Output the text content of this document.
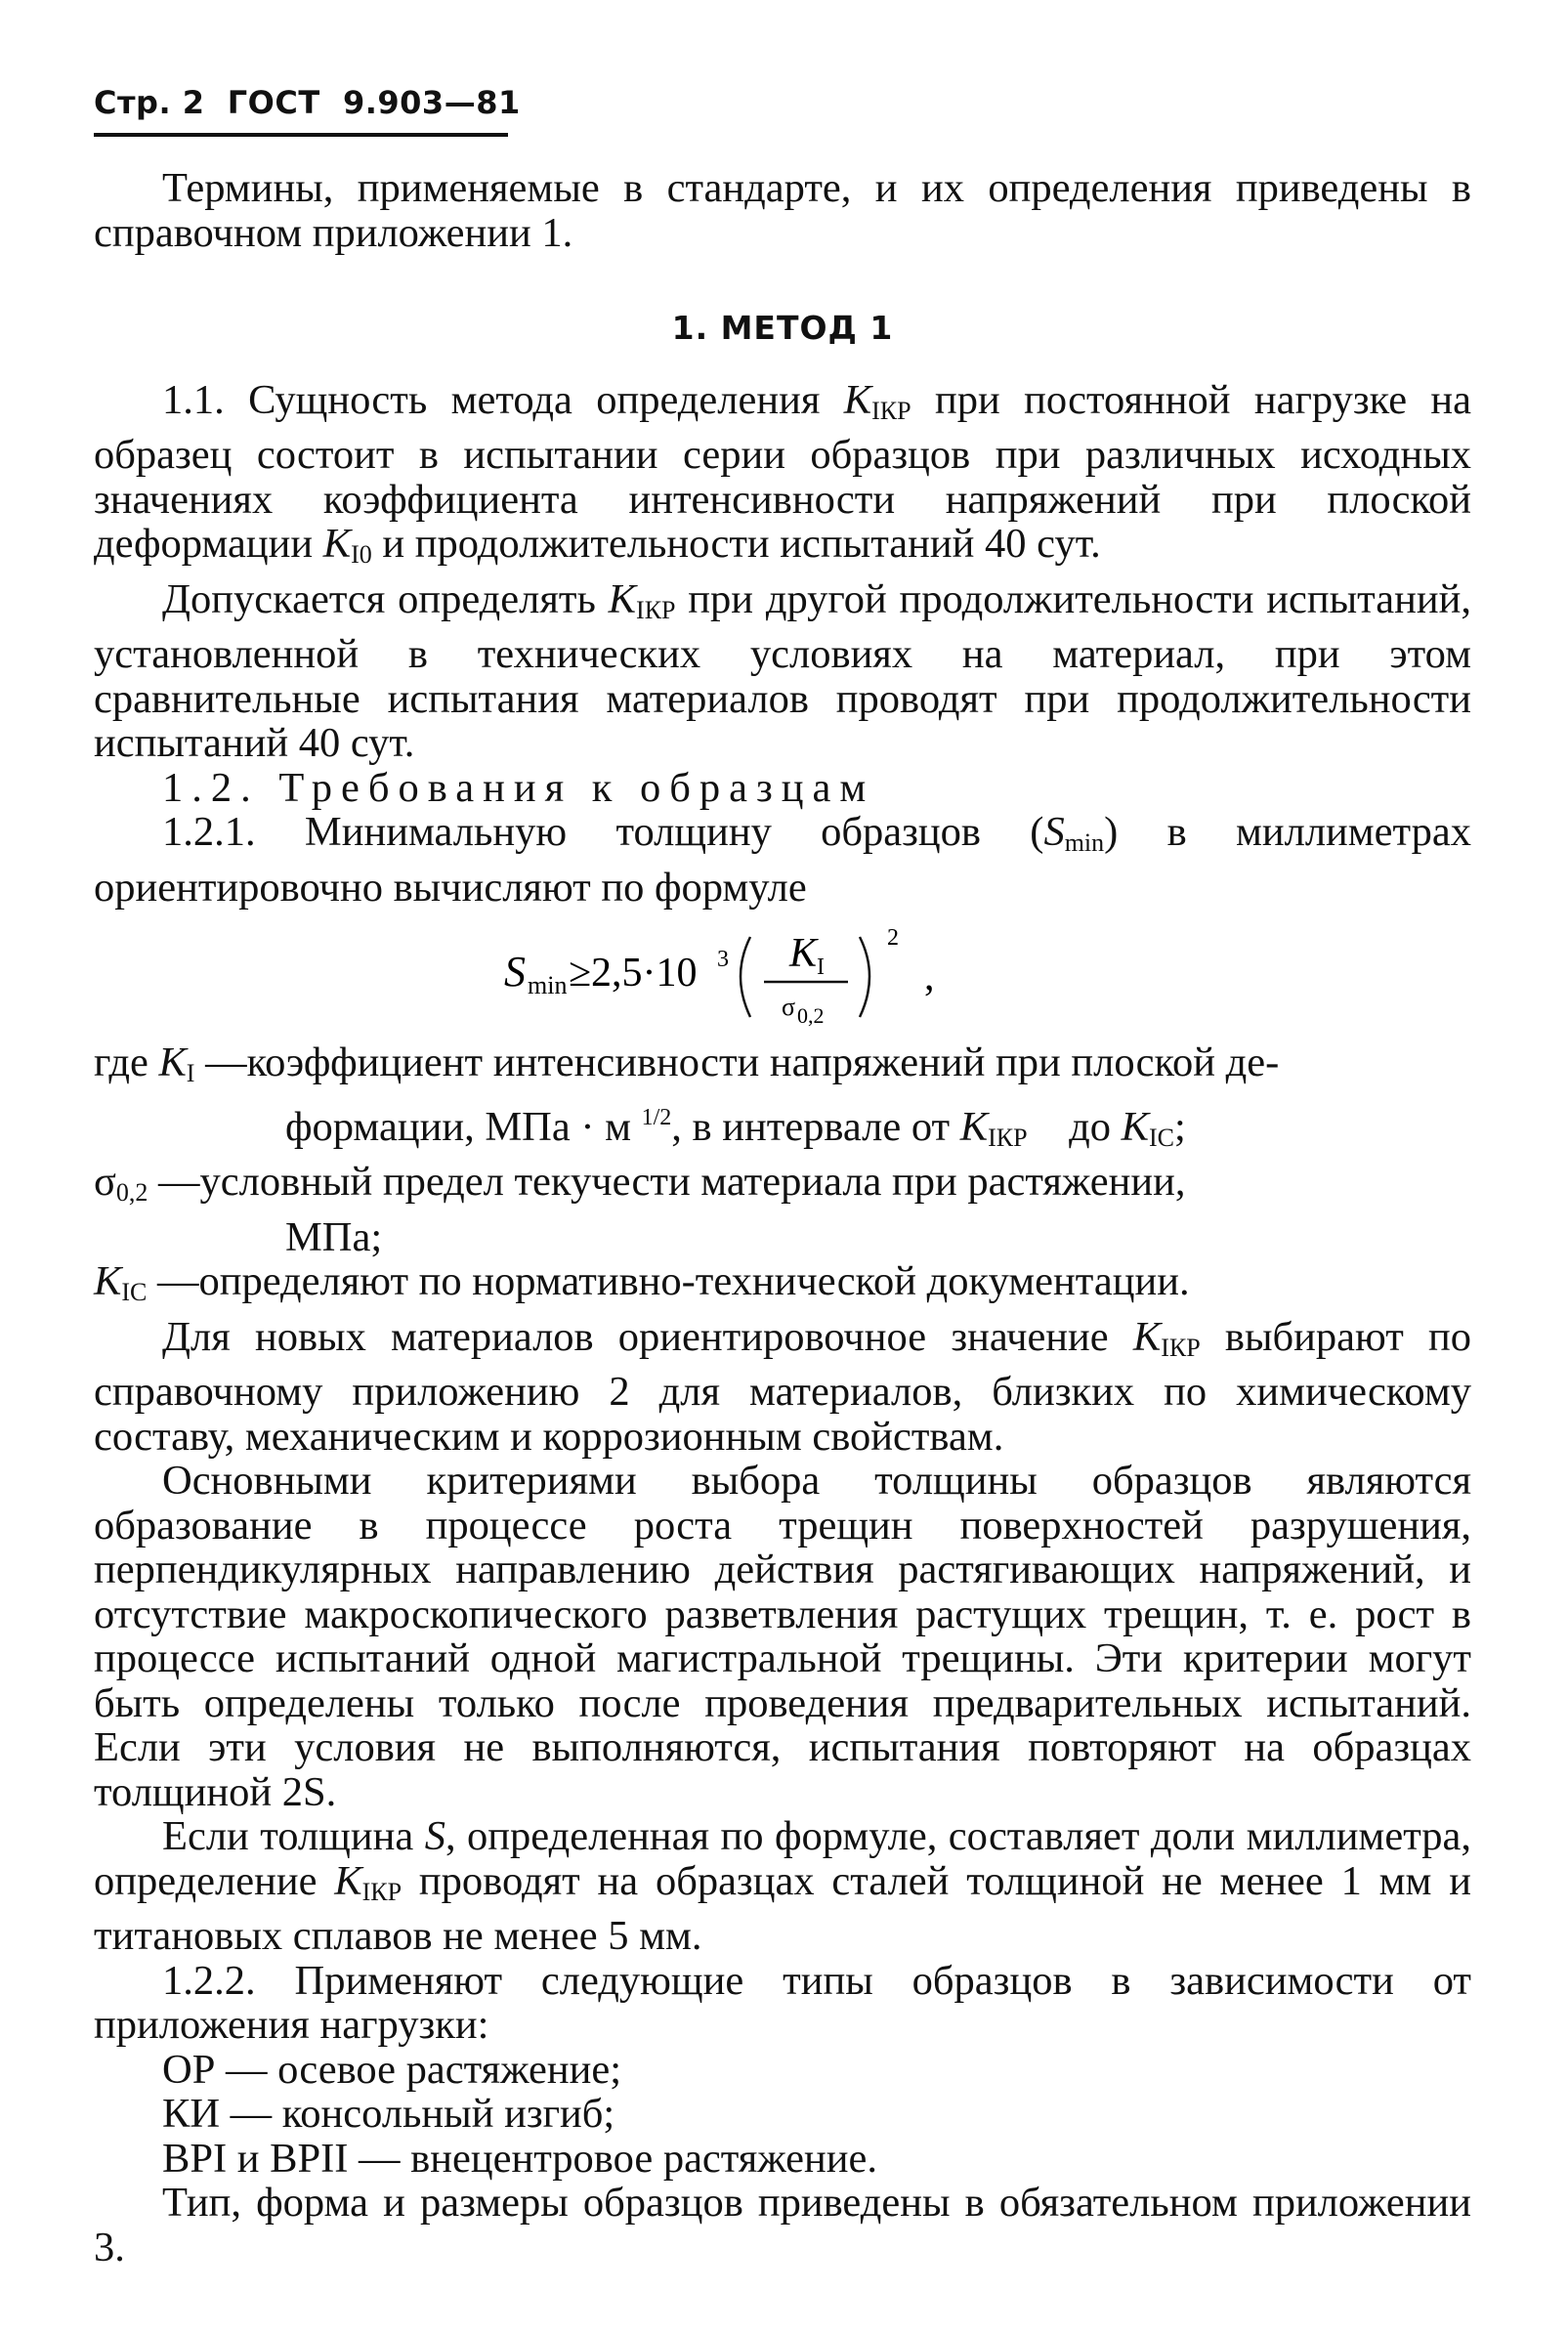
Стр. 2 ГОСТ 9.903—81

Термины, применяемые в стандарте, и их определения приведены в справочном приложении 1.

1. МЕТОД 1

1.1. Сущность метода определения $K_{IКР}$ при постоянной нагрузке на образец состоит в испытании серии образцов при различных исходных значениях коэффициента интенсивности напряжений при плоской деформации $K_{I0}$ и продолжительности испытаний 40 сут.

Допускается определять $K_{IКР}$ при другой продолжительности испытаний, установленной в технических условиях на материал, при этом сравнительные испытания материалов проводят при продолжительности испытаний 40 сут.

1.2. Требования к образцам

1.2.1. Минимальную толщину образцов $(S_{min})$ в миллиметрах ориентировочно вычисляют по формуле

S min ≥2,5·10 3 K I
σ 0,2
2
,
где $K_I$ — коэффициент интенсивности напряжений при плоской де-
формации, МПа · м $^{1/2}$, в интервале от $K_{IКР}$ до $K_{IC}$;
$\sigma_{0,2}$ — условный предел текучести материала при растяжении,
МПа;
$K_{IC}$ — определяют по нормативно-технической документации.

Для новых материалов ориентировочное значение $K_{IКР}$ выбирают по справочному приложению 2 для материалов, близких по химическому составу, механическим и коррозионным свойствам.

Основными критериями выбора толщины образцов являются образование в процессе роста трещин поверхностей разрушения, перпендикулярных направлению действия растягивающих напряжений, и отсутствие макроскопического разветвления растущих трещин, т. е. рост в процессе испытаний одной магистральной трещины. Эти критерии могут быть определены только после проведения предварительных испытаний. Если эти условия не выполняются, испытания повторяют на образцах толщиной 2S.

Если толщина S, определенная по формуле, составляет доли миллиметра, определение $K_{IКР}$ проводят на образцах сталей толщиной не менее 1 мм и титановых сплавов не менее 5 мм.

1.2.2. Применяют следующие типы образцов в зависимости от приложения нагрузки:

ОР — осевое растяжение;
КИ — консольный изгиб;
ВРI и ВРII — внецентровое растяжение.

Тип, форма и размеры образцов приведены в обязательном приложении 3.
